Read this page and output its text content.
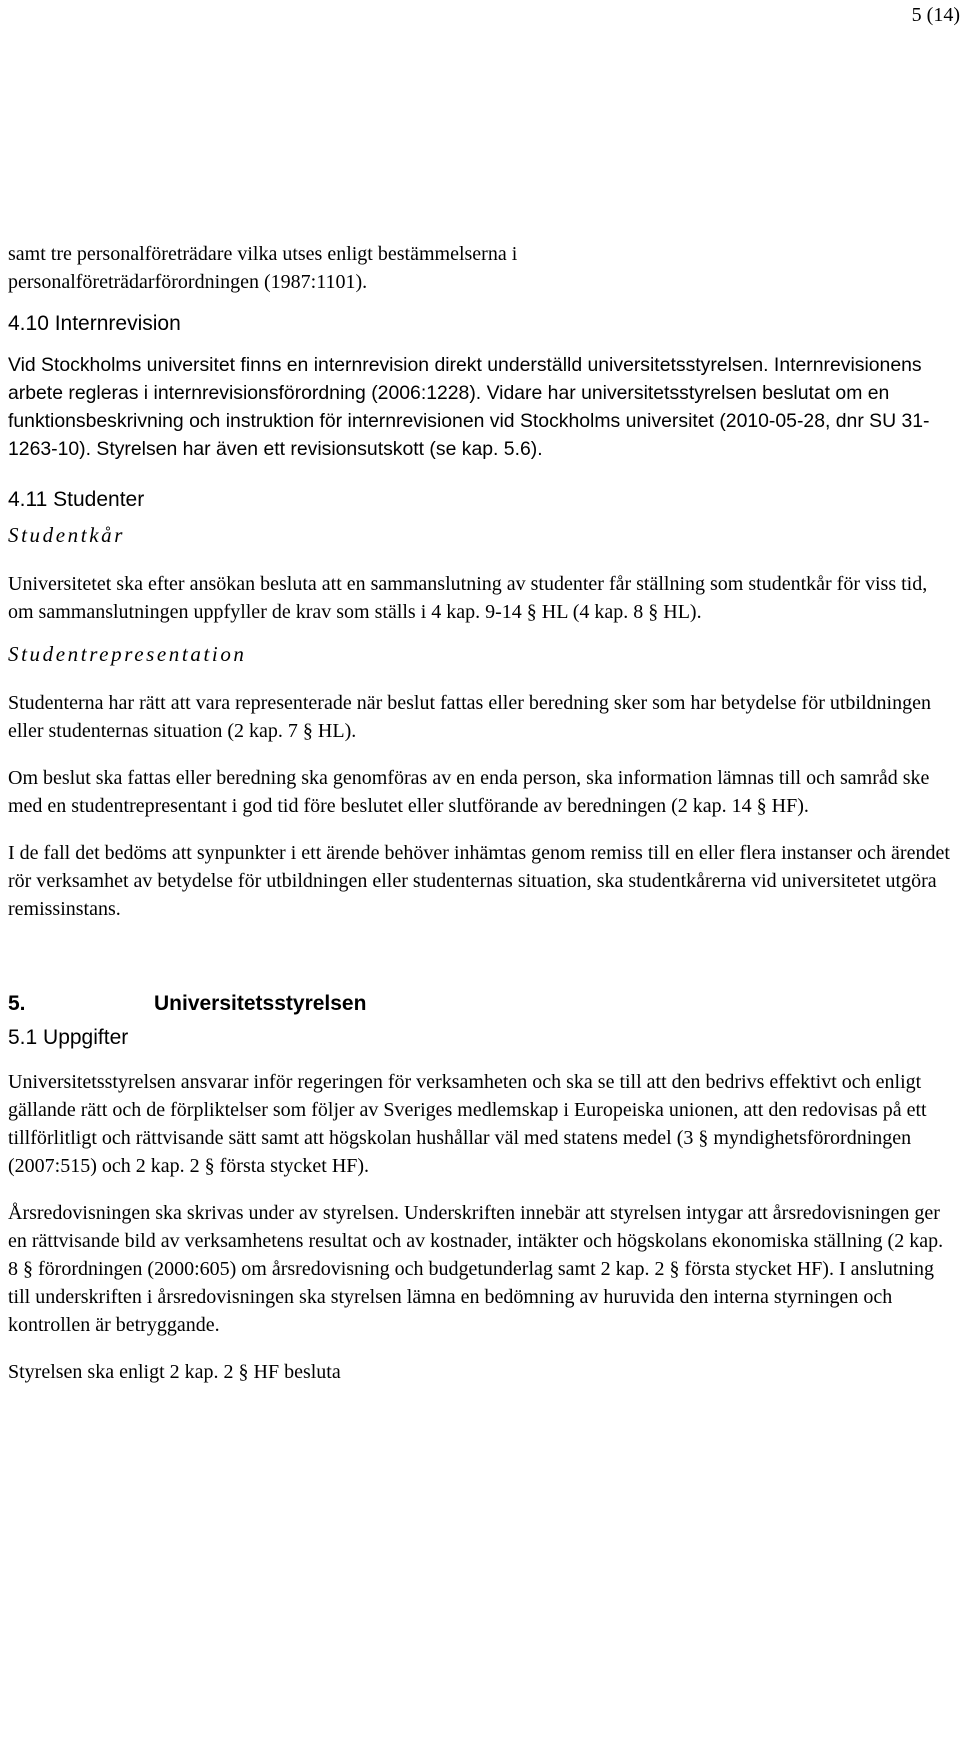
5 (14)

samt tre personalföreträdare vilka utses enligt bestämmelserna i personalföreträdarförordningen (1987:1101).

4.10 Internrevision

Vid Stockholms universitet finns en internrevision direkt underställd universitetsstyrelsen. Internrevisionens arbete regleras i internrevisionsförordning (2006:1228). Vidare har universitetsstyrelsen beslutat om en funktionsbeskrivning och instruktion för internrevisionen vid Stockholms universitet (2010-05-28, dnr SU 31-1263-10). Styrelsen har även ett revisionsutskott (se kap. 5.6).

4.11 Studenter
Studentkår

Universitetet ska efter ansökan besluta att en sammanslutning av studenter får ställning som studentkår för viss tid, om sammanslutningen uppfyller de krav som ställs i 4 kap. 9-14 § HL (4 kap. 8 § HL).

Studentrepresentation

Studenterna har rätt att vara representerade när beslut fattas eller beredning sker som har betydelse för utbildningen eller studenternas situation (2 kap. 7 § HL).

Om beslut ska fattas eller beredning ska genomföras av en enda person, ska information lämnas till och samråd ske med en studentrepresentant i god tid före beslutet eller slutförande av beredningen (2 kap. 14 § HF).

I de fall det bedöms att synpunkter i ett ärende behöver inhämtas genom remiss till en eller flera instanser och ärendet rör verksamhet av betydelse för utbildningen eller studenternas situation, ska studentkårerna vid universitetet utgöra remissinstans.

5.	Universitetsstyrelsen
5.1 Uppgifter

Universitetsstyrelsen ansvarar inför regeringen för verksamheten och ska se till att den bedrivs effektivt och enligt gällande rätt och de förpliktelser som följer av Sveriges medlemskap i Europeiska unionen, att den redovisas på ett tillförlitligt och rättvisande sätt samt att högskolan hushållar väl med statens medel (3 § myndighetsförordningen (2007:515) och 2 kap. 2 § första stycket HF).

Årsredovisningen ska skrivas under av styrelsen. Underskriften innebär att styrelsen intygar att årsredovisningen ger en rättvisande bild av verksamhetens resultat och av kostnader, intäkter och högskolans ekonomiska ställning (2 kap. 8 § förordningen (2000:605) om årsredovisning och budgetunderlag samt 2 kap. 2 § första stycket HF). I anslutning till underskriften i årsredovisningen ska styrelsen lämna en bedömning av huruvida den interna styrningen och kontrollen är betryggande.

Styrelsen ska enligt 2 kap. 2 § HF besluta
